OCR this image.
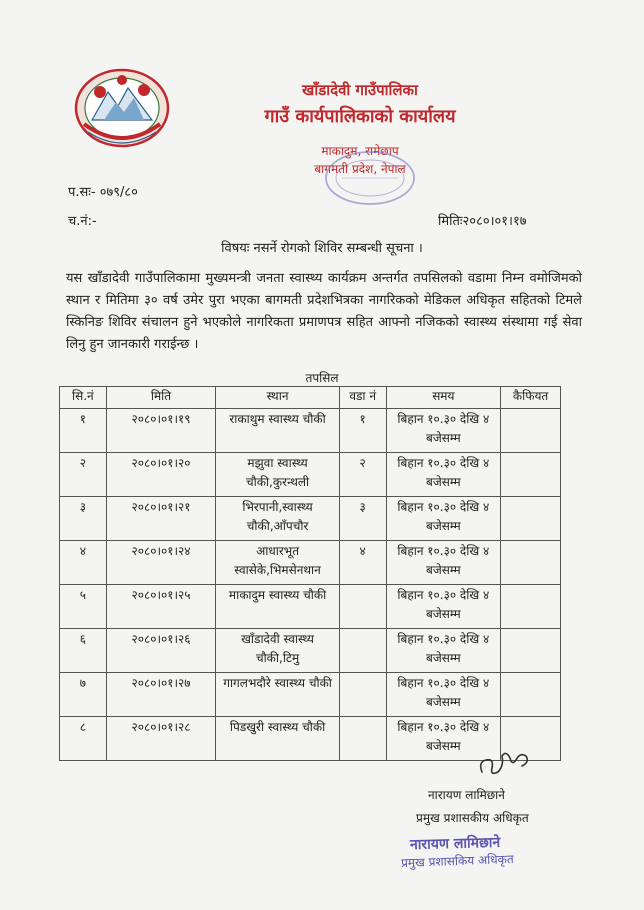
खाँडादेवी गाउँपालिका
गाउँ कार्यपालिकाको कार्यालय
माकादुम, रामेछाप
बागमती प्रदेश, नेपाल
प.सः- ०७९/८०
च.नं:-	मितिः२०८०।०१।१७
विषयः नसर्ने रोगको शिविर सम्बन्धी सूचना ।
यस खाँडादेवी गाउँपालिकामा मुख्यमन्त्री जनता स्वास्थ्य कार्यक्रम अन्तर्गत तपसिलको वडामा निम्न वमोजिमको स्थान र मितिमा ३० वर्ष उमेर पुरा भएका बागमती प्रदेशभित्रका नागरिकको मेडिकल अधिकृत सहितको टिमले स्किनिङ शिविर संचालन हुने भएकोले नागरिकता प्रमाणपत्र सहित आफ्नो नजिकको स्वास्थ्य संस्थामा गई सेवा लिनु हुन जानकारी गराईन्छ ।
तपसिल
सि.नं	मिति	स्थान	वडा नं	समय	कैफियत
१	२०८०।०१।१९	राकाथुम स्वास्थ्य चौकी	१	बिहान १०.३० देखि ४ बजेसम्म	
२	२०८०।०१।२०	मझुवा स्वास्थ्य चौकी,कुरन्थली	२	बिहान १०.३० देखि ४ बजेसम्म	
३	२०८०।०१।२१	भिरपानी,स्वास्थ्य चौकी,आँपचौर	३	बिहान १०.३० देखि ४ बजेसम्म	
४	२०८०।०१।२४	आधारभूत स्वासेके,भिमसेनथान	४	बिहान १०.३० देखि ४ बजेसम्म	
५	२०८०।०१।२५	माकादुम स्वास्थ्य चौकी		बिहान १०.३० देखि ४ बजेसम्म	
६	२०८०।०१।२६	खाँडादेवी स्वास्थ्य चौकी,टिमु		बिहान १०.३० देखि ४ बजेसम्म	
७	२०८०।०१।२७	गागलभदौरे स्वास्थ्य चौकी		बिहान १०.३० देखि ४ बजेसम्म	
८	२०८०।०१।२८	पिडखुरी स्वास्थ्य चौकी		बिहान १०.३० देखि ४ बजेसम्म	
नारायण लामिछाने
प्रमुख प्रशासकीय अधिकृत
नारायण लामिछाने
प्रमुख प्रशासकिय अधिकृत
